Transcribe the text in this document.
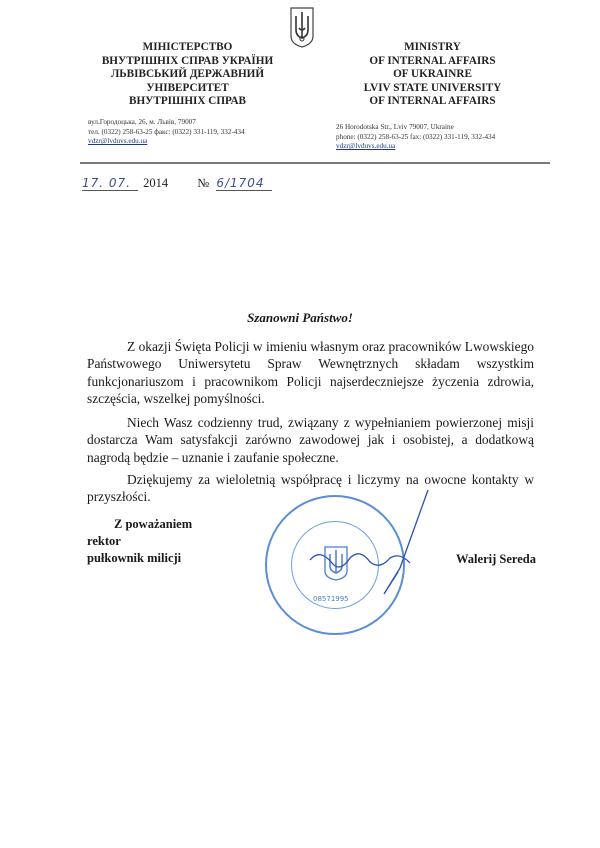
МІНІСТЕРСТВО
ВНУТРІШНІХ СПРАВ УКРАЇНИ
ЛЬВІВСЬКИЙ ДЕРЖАВНИЙ
УНІВЕРСИТЕТ
ВНУТРІШНІХ СПРАВ
вул.Городоцька, 26, м. Львів, 79007
тел. (0322) 258-63-25 факс: (0322) 331-119, 332-434
vdzr@lvduvs.edu.ua
MINISTRY
OF INTERNAL AFFAIRS
OF UKRAINRE
LVIV STATE UNIVERSITY
OF INTERNAL AFFAIRS
26 Horodotska Str., Lviv 79007, Ukraine
phone: (0322) 258-63-25 fax: (0322) 331-119, 332-434
vdzr@lvduvs.edu.ua
17. 07. 2014 № 6/1704
Szanowni Państwo!
Z okazji Święta Policji w imieniu własnym oraz pracowników Lwowskiego Państwowego Uniwersytetu Spraw Wewnętrznych składam wszystkim funkcjonariuszom i pracownikom Policji najserdeczniejsze życzenia zdrowia, szczęścia, wszelkej pomyślności.
Niech Wasz codzienny trud, związany z wypełnianiem powierzonej misji dostarcza Wam satysfakcji zarówno zawodowej jak i osobistej, a dodatkową nagrodą będzie – uznanie i zaufanie społeczne.
Dziękujemy za wieloletnią współpracę i liczymy na owocne kontakty w przyszłości.
08571995
Z poważaniem
rektor
pułkownik milicji	Walerij Sereda
